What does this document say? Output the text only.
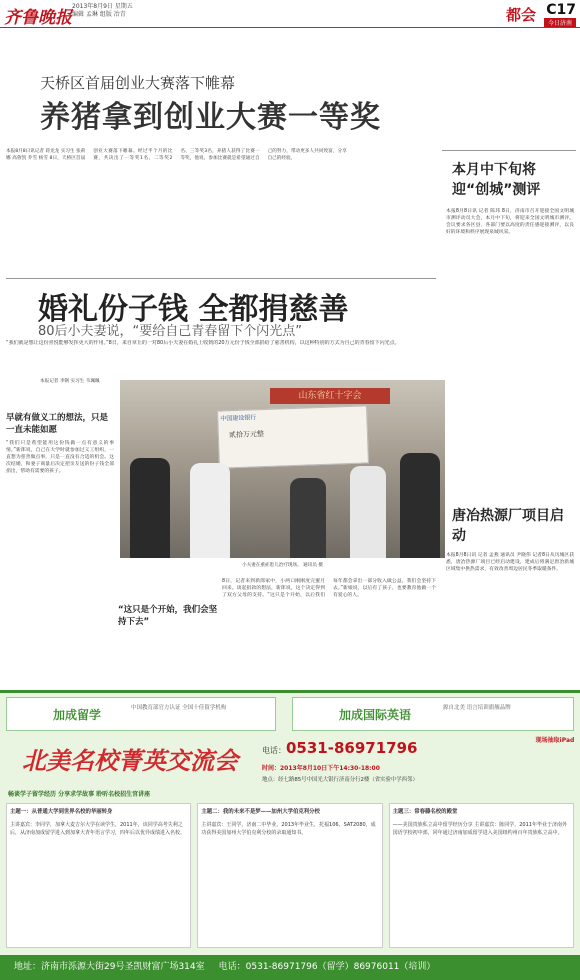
齐鲁晚报
2013年8月9日 星期五
编辑 孟琳 组版 冶青	都会 C17
今日济南
天桥区首届创业大赛落下帷幕
养猪拿到创业大赛一等奖
本报8月8日讯记者 蒋龙龙 实习生 张莉娜 高鲁凯 乔雪 杨雪 8日，天桥区首届创业大赛落下帷幕。经过半个月的比赛，共决出了一等奖1名、二等奖2名、三等奖3名，养猪人获得了比赛一等奖，他说，参加比赛就是希望通过自己的努力，带动更多人共同致富，分享自己的经验。
婚礼份子钱 全都捐慈善
80后小夫妻说，“要给自己青春留下个闪光点”
“我们就是想让这份喜悦能够发挥更大的作用。”8日，来自章丘的一对80后小夫妻在婚礼上收到的20万元份子钱全部捐给了慈善机构，以这种特别的方式为自己的青春留下闪光点。
本报记者 李钢 实习生 韦珮珮
早就有做义工的想法，只是一直未能如愿
“我们只是希望能用这份钱做一点有意义的事情。”新郎说，自己在大学时就参加过义工组织，一直想为慈善做点事，只是一直没有合适的机会。这次结婚，和妻子商量后决定把亲友送的份子钱全部捐出，帮助有需要的孩子。
山东省红十字会
中国建设银行
贰拾万元整
小夫妻在重症患儿治疗现场。 通讯员 摄
“这只是个开始，我们会坚持下去”
8日，记者来到新郎家中，小两口刚刚度完蜜月回来。谈起捐款的想法，新郎说，这个决定得到了双方父母的支持。“这只是个开始，以后我们每年都会拿出一部分收入做公益，我们会坚持下去。”新娘说，以后有了孩子，也要教育他做一个有爱心的人。
本月中下旬将迎“创城”测评
本报8月8日讯 记者 陈玮 8日，济南市召开迎接全国文明城市测评动员大会，本月中下旬，将迎来全国文明城市测评。会议要求各区县、各部门要以高度的责任感迎接测评，以良好的环境和秩序展现泉城风采。
唐冶热源厂项目启动
本报8月8日讯 记者 孟燕 通讯员 尹晓伟 记者8日从历城区获悉，唐冶热源厂项目已经启动建设，建成后将满足唐冶新城区域集中供热需求，有效改善周边居民冬季取暖条件。
加成留学	中国教育部官方认证 全国十佳留学机构	加成国际英语	源自北美 语言培训旗舰品牌
北美名校菁英交流会	电话：0531-86971796
时间：2013年8月10日下午14:30-18:00
地点：经七路85号中国光大银行济南分行2楼（省实验中学西邻）
现场抽取iPad
畅谈学子留学经历 分享求学故事 聆听名校招生官讲座
主题一：从普通大学到世界名校的华丽转身
主讲嘉宾：李同学，加拿大麦吉尔大学在读学生，2011年，该同学高考失利之后，从济南加成留学进入到加拿大青年语言学习，四年后以优异成绩进入名校。
主题二：我的未来不是梦——加州大学伯克利分校
主讲嘉宾：王同学，济南二中毕业，2013年毕业生，托福106、SAT2080，成功获得美国加州大学伯克利分校的录取通知书。
主题三：常春藤名校的殿堂
——美国贵族私立高中留学经历分享 主讲嘉宾：陈同学，2011年毕业于济南外国语学校初中部，同年通过济南加成留学进入美国纽约州百年贵族私立高中。
地址：济南市泺源大街29号圣凯财富广场314室 电话：0531-86971796（留学）86976011（培训）
